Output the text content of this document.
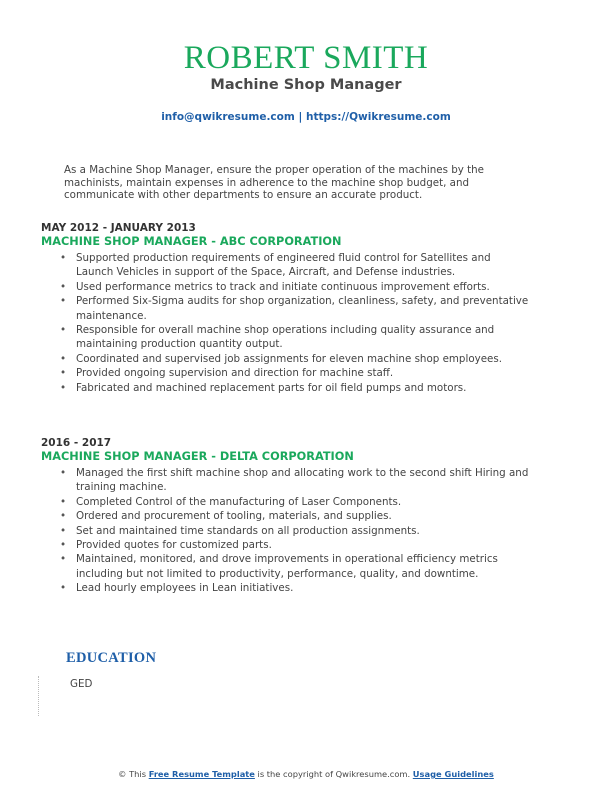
ROBERT SMITH
Machine Shop Manager
info@qwikresume.com | https://Qwikresume.com
As a Machine Shop Manager, ensure the proper operation of the machines by the machinists, maintain expenses in adherence to the machine shop budget, and communicate with other departments to ensure an accurate product.
MAY 2012 - JANUARY 2013
MACHINE SHOP MANAGER - ABC CORPORATION
• Supported production requirements of engineered fluid control for Satellites and Launch Vehicles in support of the Space, Aircraft, and Defense industries.
• Used performance metrics to track and initiate continuous improvement efforts.
• Performed Six-Sigma audits for shop organization, cleanliness, safety, and preventative maintenance.
• Responsible for overall machine shop operations including quality assurance and maintaining production quantity output.
• Coordinated and supervised job assignments for eleven machine shop employees.
• Provided ongoing supervision and direction for machine staff.
• Fabricated and machined replacement parts for oil field pumps and motors.
2016 - 2017
MACHINE SHOP MANAGER - DELTA CORPORATION
• Managed the first shift machine shop and allocating work to the second shift Hiring and training machine.
• Completed Control of the manufacturing of Laser Components.
• Ordered and procurement of tooling, materials, and supplies.
• Set and maintained time standards on all production assignments.
• Provided quotes for customized parts.
• Maintained, monitored, and drove improvements in operational efficiency metrics including but not limited to productivity, performance, quality, and downtime.
• Lead hourly employees in Lean initiatives.
EDUCATION
GED
© This Free Resume Template is the copyright of Qwikresume.com. Usage Guidelines
